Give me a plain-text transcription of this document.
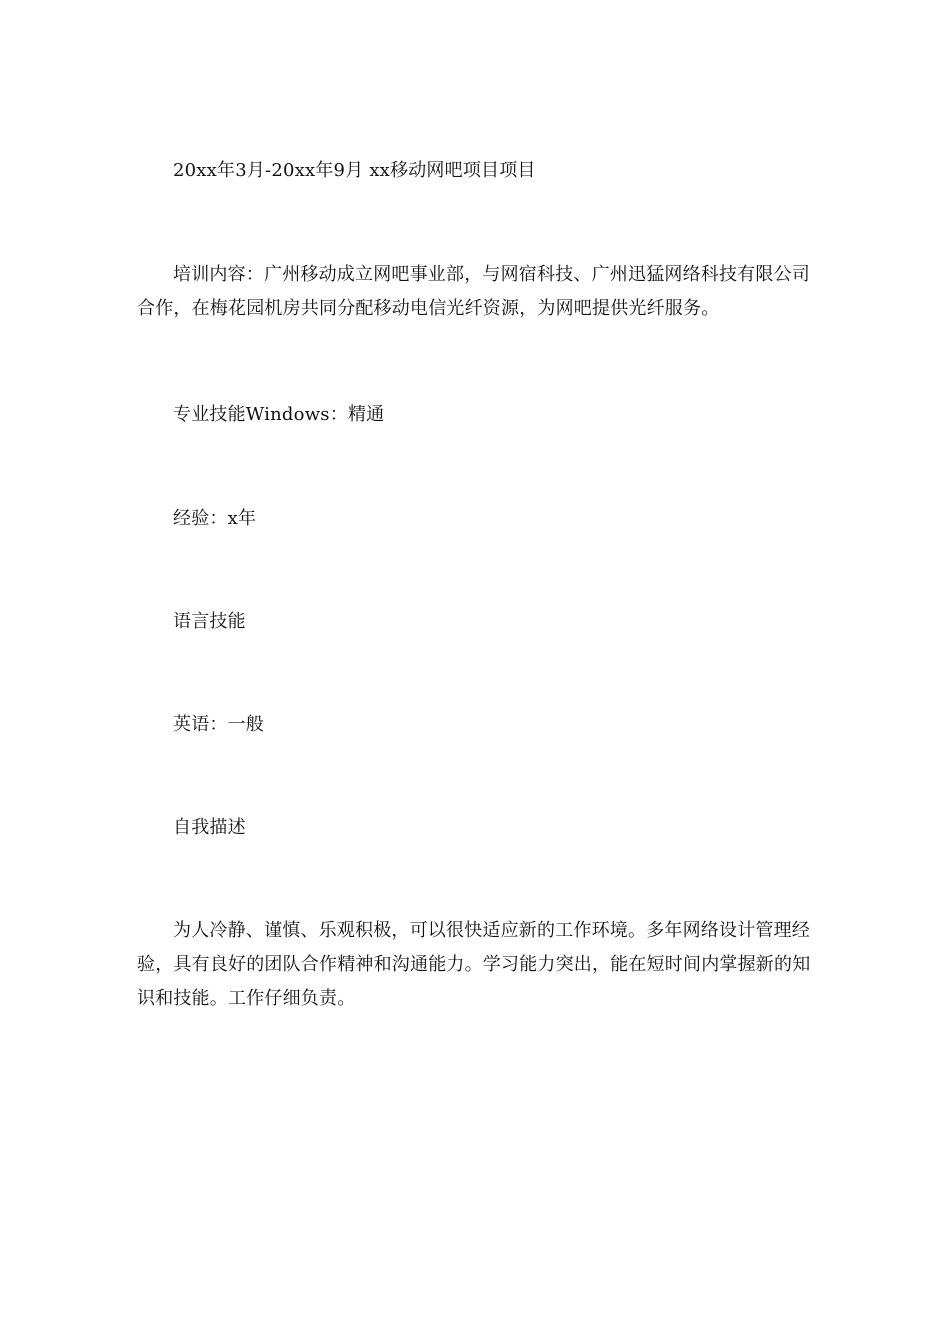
20xx年3月-20xx年9月 xx移动网吧项目项目

培训内容：广州移动成立网吧事业部，与网宿科技、广州迅猛网络科技有限公司合作，在梅花园机房共同分配移动电信光纤资源，为网吧提供光纤服务。

专业技能Windows：精通

经验：x年

语言技能

英语：一般

自我描述

为人冷静、谨慎、乐观积极，可以很快适应新的工作环境。多年网络设计管理经验，具有良好的团队合作精神和沟通能力。学习能力突出，能在短时间内掌握新的知识和技能。工作仔细负责。
